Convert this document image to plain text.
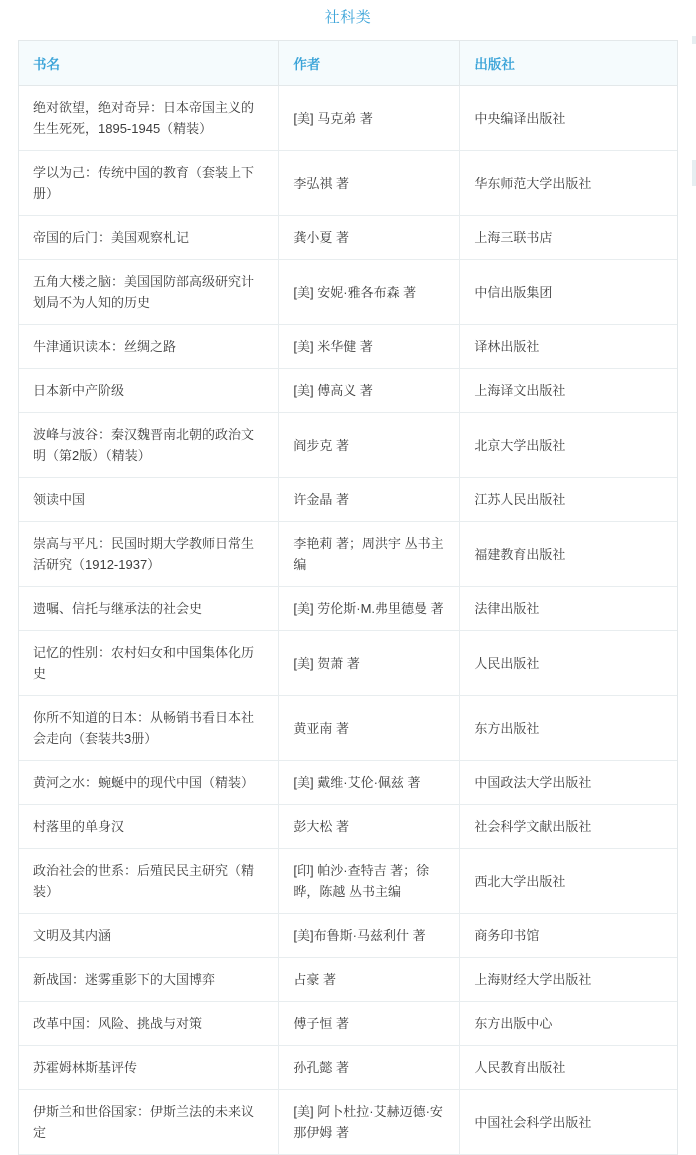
社科类
书名	作者	出版社
绝对欲望，绝对奇异：日本帝国主义的生生死死，1895-1945（精装）	[美] 马克弟 著	中央编译出版社
学以为己：传统中国的教育（套装上下册）	李弘祺 著	华东师范大学出版社
帝国的后门：美国观察札记	龚小夏 著	上海三联书店
五角大楼之脑：美国国防部高级研究计划局不为人知的历史	[美] 安妮·雅各布森 著	中信出版集团
牛津通识读本：丝绸之路	[美] 米华健 著	译林出版社
日本新中产阶级	[美] 傅高义 著	上海译文出版社
波峰与波谷：秦汉魏晋南北朝的政治文明（第2版）（精装）	阎步克 著	北京大学出版社
领读中国	许金晶 著	江苏人民出版社
崇高与平凡：民国时期大学教师日常生活研究（1912-1937）	李艳莉 著；周洪宇 丛书主编	福建教育出版社
遗嘱、信托与继承法的社会史	[美] 劳伦斯·M.弗里德曼 著	法律出版社
记忆的性别：农村妇女和中国集体化历史	[美] 贺萧 著	人民出版社
你所不知道的日本：从畅销书看日本社会走向（套装共3册）	黄亚南 著	东方出版社
黄河之水：蜿蜒中的现代中国（精装）	[美] 戴维·艾伦·佩兹 著	中国政法大学出版社
村落里的单身汉	彭大松 著	社会科学文献出版社
政治社会的世系：后殖民民主研究（精装）	[印] 帕沙·查特吉 著；徐晔，陈越 丛书主编	西北大学出版社
文明及其内涵	[美]布鲁斯·马兹利什 著	商务印书馆
新战国：迷雾重影下的大国博弈	占豪 著	上海财经大学出版社
改革中国：风险、挑战与对策	傅子恒 著	东方出版中心
苏霍姆林斯基评传	孙孔懿 著	人民教育出版社
伊斯兰和世俗国家：伊斯兰法的未来议定	[美] 阿卜杜拉·艾赫迈德·安那伊姆 著	中国社会科学出版社
